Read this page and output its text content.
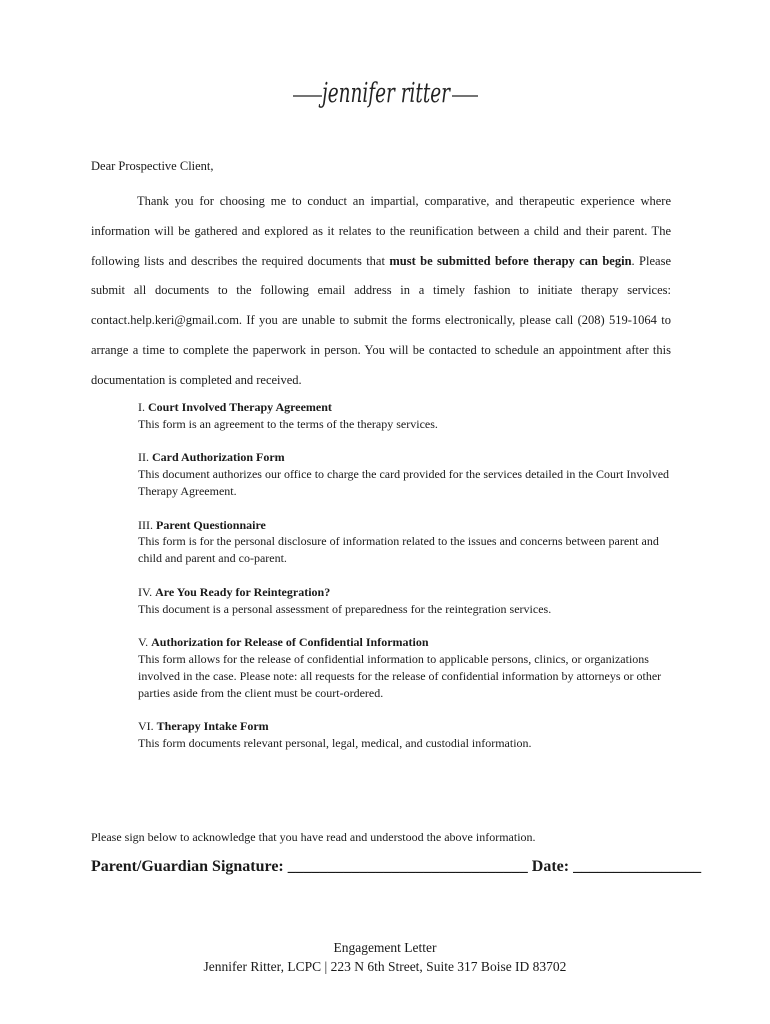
jennifer ritter
Dear Prospective Client,
Thank you for choosing me to conduct an impartial, comparative, and therapeutic experience where information will be gathered and explored as it relates to the reunification between a child and their parent. The following lists and describes the required documents that must be submitted before therapy can begin. Please submit all documents to the following email address in a timely fashion to initiate therapy services: contact.help.keri@gmail.com. If you are unable to submit the forms electronically, please call (208) 519-1064 to arrange a time to complete the paperwork in person. You will be contacted to schedule an appointment after this documentation is completed and received.
I. Court Involved Therapy Agreement
This form is an agreement to the terms of the therapy services.
II. Card Authorization Form
This document authorizes our office to charge the card provided for the services detailed in the Court Involved Therapy Agreement.
III. Parent Questionnaire
This form is for the personal disclosure of information related to the issues and concerns between parent and child and parent and co-parent.
IV. Are You Ready for Reintegration?
This document is a personal assessment of preparedness for the reintegration services.
V. Authorization for Release of Confidential Information
This form allows for the release of confidential information to applicable persons, clinics, or organizations involved in the case. Please note: all requests for the release of confidential information by attorneys or other parties aside from the client must be court-ordered.
VI. Therapy Intake Form
This form documents relevant personal, legal, medical, and custodial information.
Please sign below to acknowledge that you have read and understood the above information.
Parent/Guardian Signature: ______________________________ Date: ________________
Engagement Letter
Jennifer Ritter, LCPC | 223 N 6th Street, Suite 317 Boise ID 83702
